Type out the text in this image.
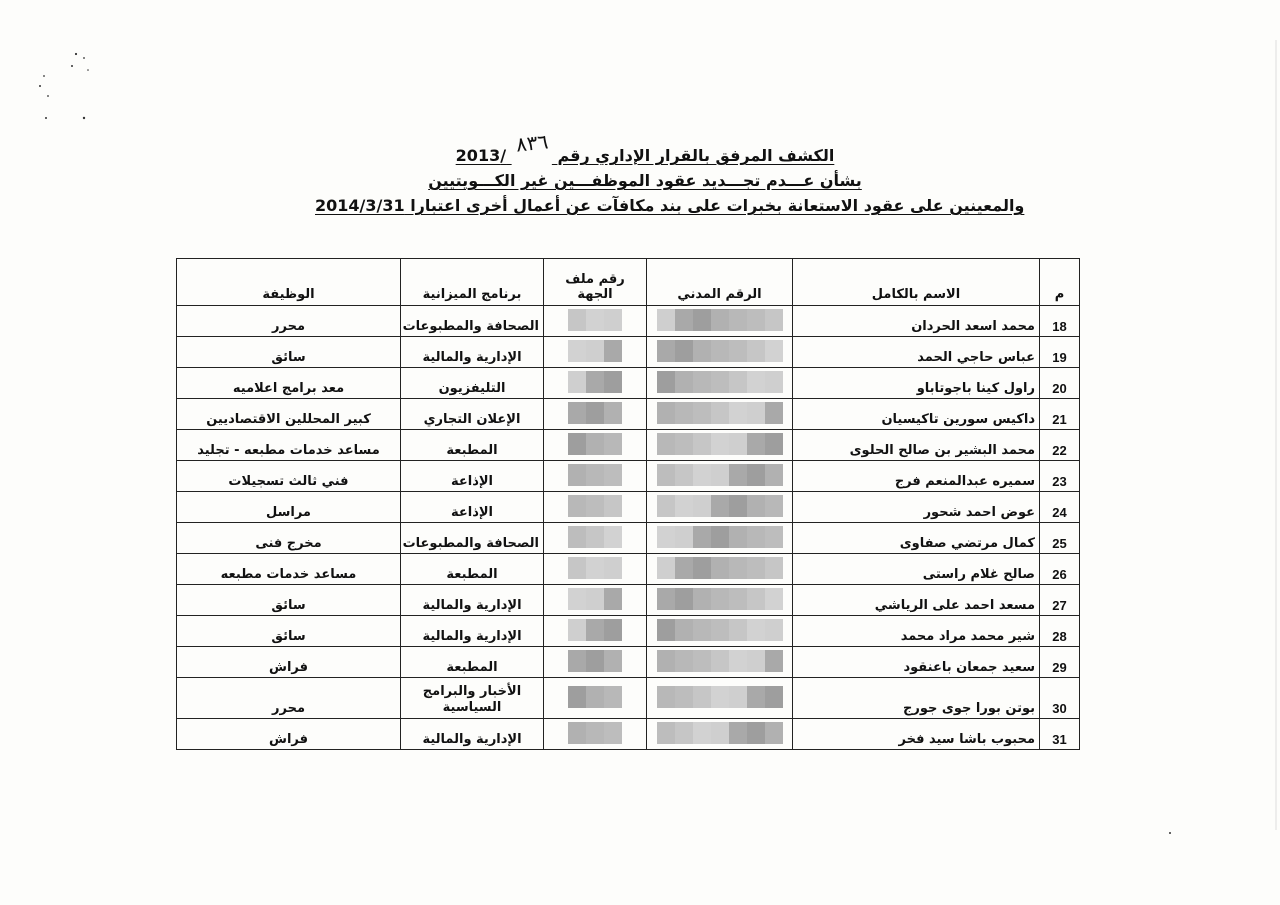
الكشف المرفق بالقرار الإداري رقم ٨٣٦ /2013
بشأن عـــدم تجـــديد عقود الموظفـــين غير الكـــويتيين
والمعينين على عقود الاستعانة بخبرات على بند مكافآت عن أعمال أخرى اعتبارا 2014/3/31
م	الاسم بالكامل	الرقم المدني	رقم ملف الجهة	برنامج الميزانية	الوظيفة
18	محمد اسعد الحردان			الصحافة والمطبوعات	محرر
19	عباس حاجي الحمد			الإدارية والمالية	سائق
20	راول كينا باجوتاباو			التليفزيون	معد برامج اعلاميه
21	داكيس سورين تاكيسيان			الإعلان التجاري	كبير المحللين الاقتصاديين
22	محمد البشير بن صالح الحلوى			المطبعة	مساعد خدمات مطبعه - تجليد
23	سميره عبدالمنعم فرج			الإذاعة	فني ثالث تسجيلات
24	عوض احمد شحور			الإذاعة	مراسل
25	كمال مرتضي صفاوى			الصحافة والمطبوعات	مخرج فنى
26	صالح غلام راستى			المطبعة	مساعد خدمات مطبعه
27	مسعد احمد على الرياشي			الإدارية والمالية	سائق
28	شير محمد مراد محمد			الإدارية والمالية	سائق
29	سعيد جمعان باعنقود			المطبعة	فراش
30	بوتن بورا جوى جورج			الأخبار والبرامج السياسية	محرر
31	محبوب باشا سيد فخر			الإدارية والمالية	فراش
